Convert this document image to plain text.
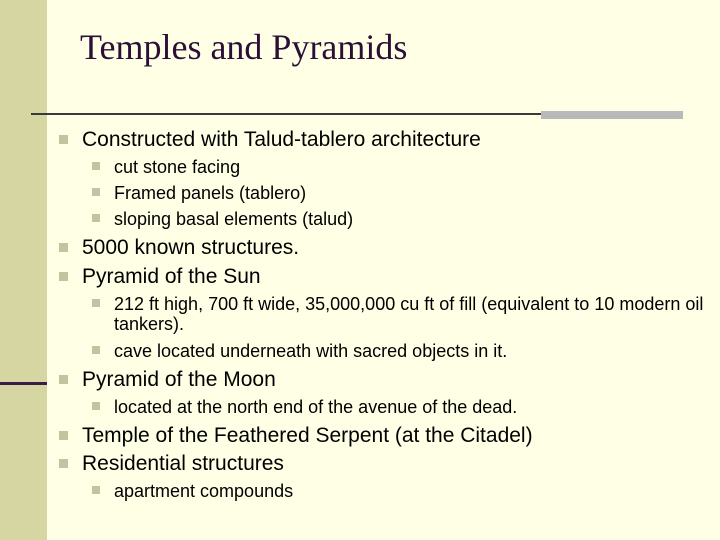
Temples and Pyramids
Constructed with Talud-tablero architecture
cut stone facing
Framed panels (tablero)
sloping basal elements (talud)
5000 known structures.
Pyramid of the Sun
212 ft high, 700 ft wide, 35,000,000 cu ft of fill (equivalent to 10 modern oil tankers).
cave located underneath with sacred objects in it.
Pyramid of the Moon
located at the north end of the avenue of the dead.
Temple of the Feathered Serpent (at the Citadel)
Residential structures
apartment compounds
